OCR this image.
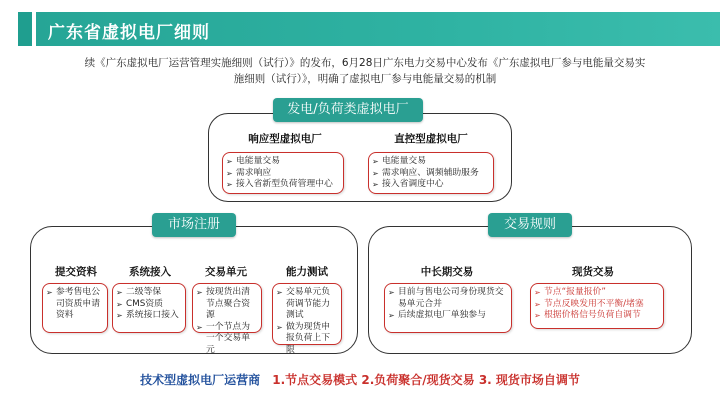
广东省虚拟电厂细则
续《广东虚拟电厂运营管理实施细则（试行）》的发布，6月28日广东电力交易中心发布《广东虚拟电厂参与电能量交易实
施细则（试行）》，明确了虚拟电厂参与电能量交易的机制
发电/负荷类虚拟电厂
响应型虚拟电厂
➢ 电能量交易
➢ 需求响应
➢ 接入省新型负荷管理中心
直控型虚拟电厂
➢ 电能量交易
➢ 需求响应、调频辅助服务
➢ 接入省调度中心
市场注册
提交资料
➢ 参考售电公司资质申请资料
系统接入
➢ 二级等保
➢ CMS资质
➢ 系统接口接入
交易单元
➢ 按现货出清节点聚合资源
➢ 一个节点为一个交易单元
能力测试
➢ 交易单元负荷调节能力测试
➢ 做为现货申报负荷上下限
交易规则
中长期交易
➢ 目前与售电公司身份现货交易单元合并
➢ 后续虚拟电厂单独参与
现货交易
➢ 节点“报量报价”
➢ 节点反映发用不平衡/堵塞
➢ 根据价格信号负荷自调节
技术型虚拟电厂运营商 1.节点交易模式 2.负荷聚合/现货交易 3. 现货市场自调节
